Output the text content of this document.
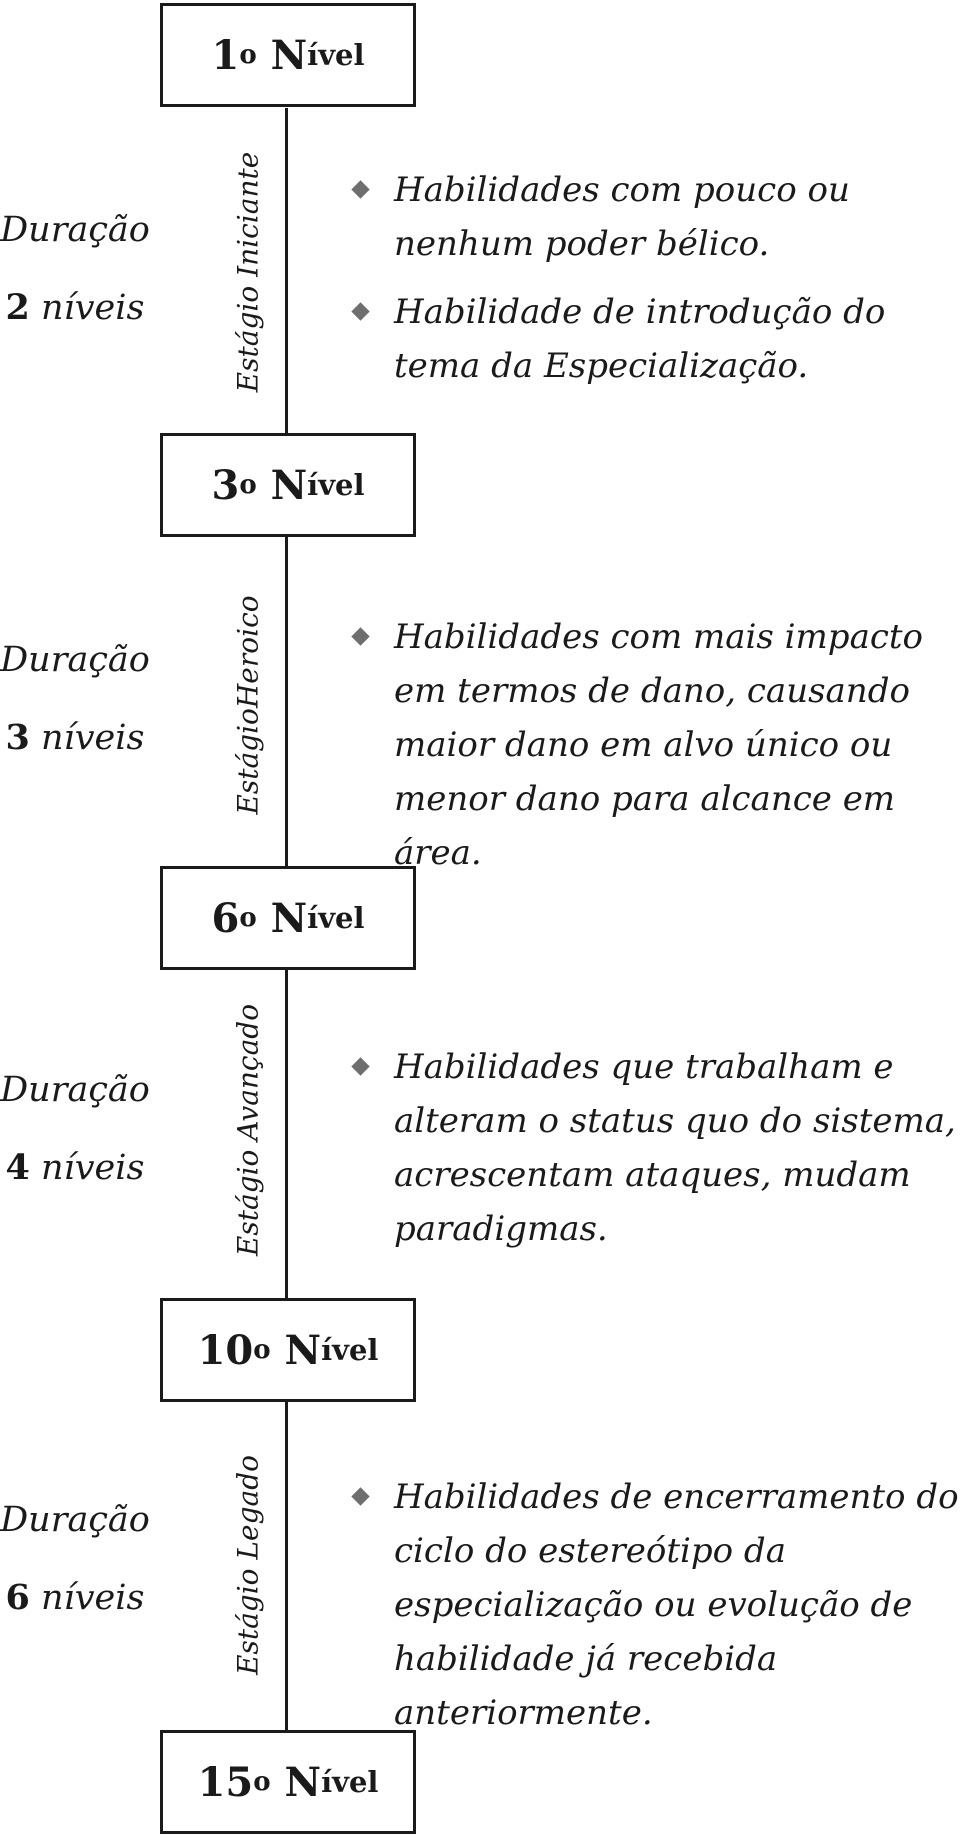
1 o
N ível
3 o
N ível
6 o
N ível
10 o
N ível
15 o
N ível
Estágio Iniciante
Duração
2 níveis
Habilidades com pouco ou nenhum poder bélico.
Habilidade de introdução do tema da Especialização.
EstágioHeroico
Duração
3 níveis
Habilidades com mais impacto em termos de dano, causando maior dano em alvo único ou menor dano para alcance em área.
Estágio Avançado
Duração
4 níveis
Habilidades que trabalham e alteram o status quo do sistema, acrescentam ataques, mudam paradigmas.
Estágio Legado
Duração
6 níveis
Habilidades de encerramento do ciclo do estereótipo da especialização ou evolução de habilidade já recebida anteriormente.
